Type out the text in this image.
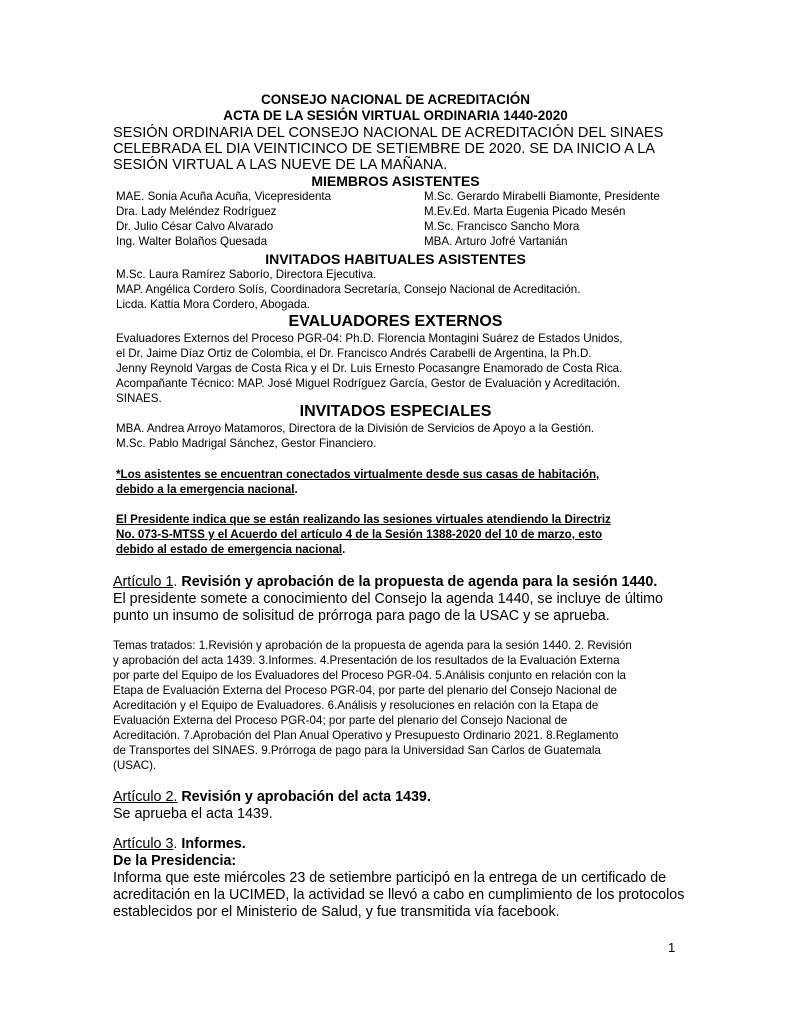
CONSEJO NACIONAL DE ACREDITACIÓN
ACTA DE LA SESIÓN VIRTUAL ORDINARIA 1440-2020
SESIÓN ORDINARIA DEL CONSEJO NACIONAL DE ACREDITACIÓN DEL SINAES
CELEBRADA EL DIA VEINTICINCO DE SETIEMBRE DE 2020. SE DA INICIO A LA
SESIÓN VIRTUAL A LAS NUEVE DE LA MAÑANA.
MIEMBROS ASISTENTES
MAE. Sonia Acuña Acuña, Vicepresidenta
Dra. Lady Meléndez Rodríguez
Dr. Julio César Calvo Alvarado
Ing. Walter Bolaños Quesada
M.Sc. Gerardo Mirabelli Biamonte, Presidente
M.Ev.Ed. Marta Eugenia Picado Mesén
M.Sc. Francisco Sancho Mora
MBA. Arturo Jofré Vartanián
INVITADOS HABITUALES ASISTENTES
M.Sc. Laura Ramírez Saborío, Directora Ejecutiva.
MAP. Angélica Cordero Solís, Coordinadora Secretaría, Consejo Nacional de Acreditación.
Licda. Kattia Mora Cordero, Abogada.
EVALUADORES EXTERNOS
Evaluadores Externos del Proceso PGR-04: Ph.D. Florencia Montagini Suárez de Estados Unidos,
el Dr. Jaime Díaz Ortiz de Colombia, el Dr. Francisco Andrés Carabelli de Argentina, la Ph.D.
Jenny Reynold Vargas de Costa Rica y el Dr. Luis Ernesto Pocasangre Enamorado de Costa Rica.
Acompañante Técnico: MAP. José Miguel Rodríguez García, Gestor de Evaluación y Acreditación.
SINAES.
INVITADOS ESPECIALES
MBA. Andrea Arroyo Matamoros, Directora de la División de Servicios de Apoyo a la Gestión.
M.Sc. Pablo Madrigal Sánchez, Gestor Financiero.
*Los asistentes se encuentran conectados virtualmente desde sus casas de habitación,
debido a la emergencia nacional.
El Presidente indica que se están realizando las sesiones virtuales atendiendo la Directriz
No. 073-S-MTSS y el Acuerdo del artículo 4 de la Sesión 1388-2020 del 10 de marzo, esto
debido al estado de emergencia nacional.
Artículo 1. Revisión y aprobación de la propuesta de agenda para la sesión 1440.
El presidente somete a conocimiento del Consejo la agenda 1440, se incluye de último
punto un insumo de solisitud de prórroga para pago de la USAC y se aprueba.
Temas tratados: 1.Revisión y aprobación de la propuesta de agenda para la sesión 1440. 2. Revisión
y aprobación del acta 1439. 3.Informes. 4.Presentación de los resultados de la Evaluación Externa
por parte del Equipo de los Evaluadores del Proceso PGR-04. 5.Análisis conjunto en relación con la
Etapa de Evaluación Externa del Proceso PGR-04, por parte del plenario del Consejo Nacional de
Acreditación y el Equipo de Evaluadores. 6.Análisis y resoluciones en relación con la Etapa de
Evaluación Externa del Proceso PGR-04; por parte del plenario del Consejo Nacional de
Acreditación. 7.Aprobación del Plan Anual Operativo y Presupuesto Ordinario 2021. 8.Reglamento
de Transportes del SINAES. 9.Prórroga de pago para la Universidad San Carlos de Guatemala
(USAC).
Artículo 2. Revisión y aprobación del acta 1439.
Se aprueba el acta 1439.
Artículo 3. Informes.
De la Presidencia:
Informa que este miércoles 23 de setiembre participó en la entrega de un certificado de
acreditación en la UCIMED, la actividad se llevó a cabo en cumplimiento de los protocolos
establecidos por el Ministerio de Salud, y fue transmitida vía facebook.
1
